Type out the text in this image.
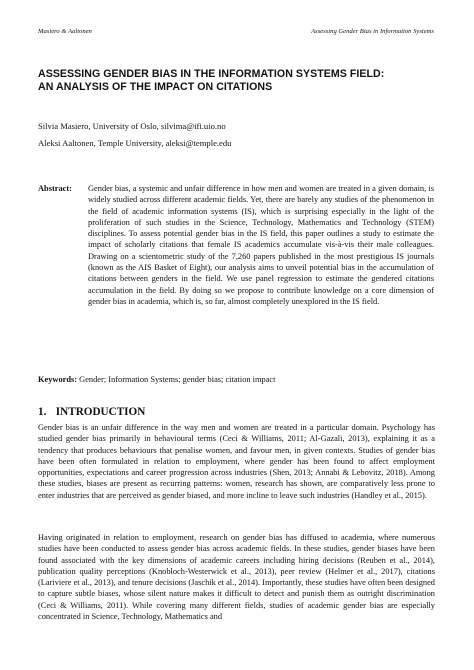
Masiero & Aaltonen	Assessing Gender Bias in Information Systems
ASSESSING GENDER BIAS IN THE INFORMATION SYSTEMS FIELD:
AN ANALYSIS OF THE IMPACT ON CITATIONS
Silvia Masiero, University of Oslo, silvima@ifi.uio.no
Aleksi Aaltonen, Temple University, aleksi@temple.edu
Abstract: Gender bias, a systemic and unfair difference in how men and women are treated in a given domain, is widely studied across different academic fields. Yet, there are barely any studies of the phenomenon in the field of academic information systems (IS), which is surprising especially in the light of the proliferation of such studies in the Science, Technology, Mathematics and Technology (STEM) disciplines. To assess potential gender bias in the IS field, this paper outlines a study to estimate the impact of scholarly citations that female IS academics accumulate vis-à-vis their male colleagues. Drawing on a scientometric study of the 7,260 papers published in the most prestigious IS journals (known as the AIS Basket of Eight), our analysis aims to unveil potential bias in the accumulation of citations between genders in the field. We use panel regression to estimate the gendered citations accumulation in the field. By doing so we propose to contribute knowledge on a core dimension of gender bias in academia, which is, so far, almost completely unexplored in the IS field.
Keywords: Gender; Information Systems; gender bias; citation impact
1. INTRODUCTION
Gender bias is an unfair difference in the way men and women are treated in a particular domain. Psychology has studied gender bias primarily in behavioural terms (Ceci & Williams, 2011; Al-Gazali, 2013), explaining it as a tendency that produces behaviours that penalise women, and favour men, in given contexts. Studies of gender bias have been often formulated in relation to employment, where gender has been found to affect employment opportunities, expectations and career progression across industries (Shen, 2013; Annabi & Lebovitz, 2018). Among these studies, biases are present as recurring patterns: women, research has shown, are comparatively less prone to enter industries that are perceived as gender biased, and more incline to leave such industries (Handley et al., 2015).
Having originated in relation to employment, research on gender bias has diffused to academia, where numerous studies have been conducted to assess gender bias across academic fields. In these studies, gender biases have been found associated with the key dimensions of academic careers including hiring decisions (Reuben et al., 2014), publication quality perceptions (Knobloch-Westerwick et al., 2013), peer review (Helmer et al., 2017), citations (Lariviere et al., 2013), and tenure decisions (Jaschik et al., 2014). Importantly, these studies have often been designed to capture subtle biases, whose silent nature makes it difficult to detect and punish them as outright discrimination (Ceci & Williams, 2011). While covering many different fields, studies of academic gender bias are especially concentrated in Science, Technology, Mathematics and
